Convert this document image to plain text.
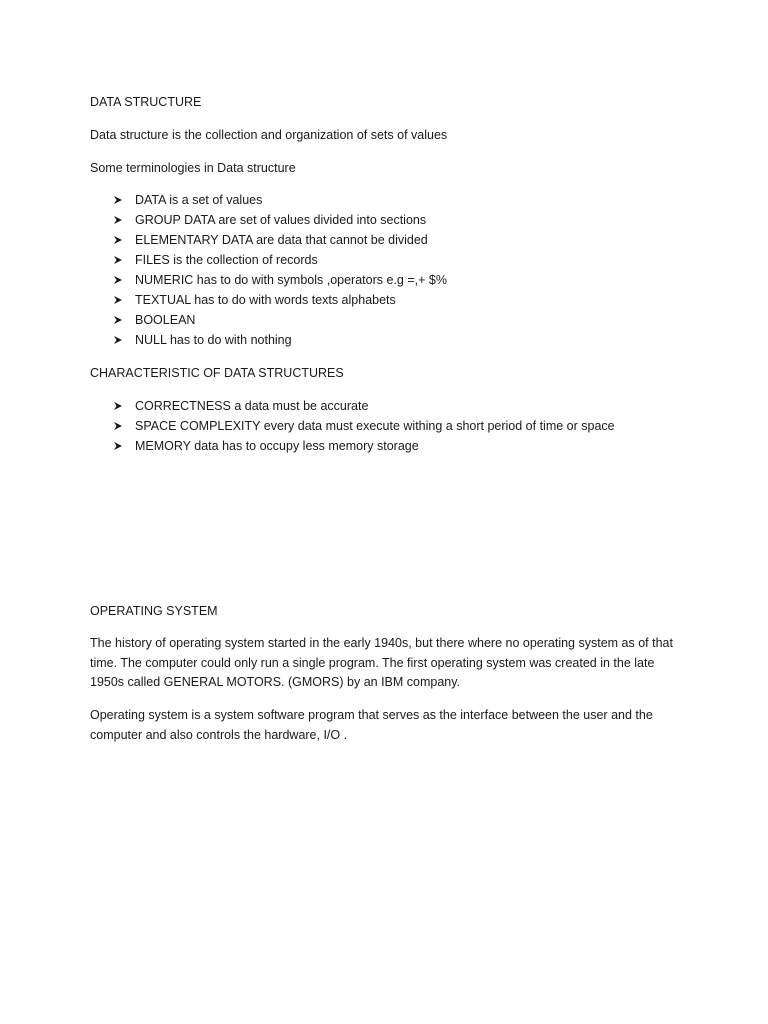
DATA STRUCTURE
Data structure is the collection and organization of sets of values
Some terminologies in Data structure
DATA is a set of values
GROUP DATA are set of values divided into sections
ELEMENTARY DATA are data that cannot be divided
FILES is the collection of records
NUMERIC has to do with symbols ,operators e.g =,+ $%
TEXTUAL has to do with words texts alphabets
BOOLEAN
NULL has to do with nothing
CHARACTERISTIC OF DATA STRUCTURES
CORRECTNESS a data must be accurate
SPACE COMPLEXITY every data must execute withing a short period of time or space
MEMORY data has to occupy less memory storage
OPERATING SYSTEM
The history of operating system started in the early 1940s, but there where no operating system as of that time. The computer could only run a single program. The first operating system was created in the late 1950s called GENERAL MOTORS. (GMORS) by an IBM company.
Operating system is a system software program that serves as the interface between the user and the computer and also controls the hardware, I/O .
